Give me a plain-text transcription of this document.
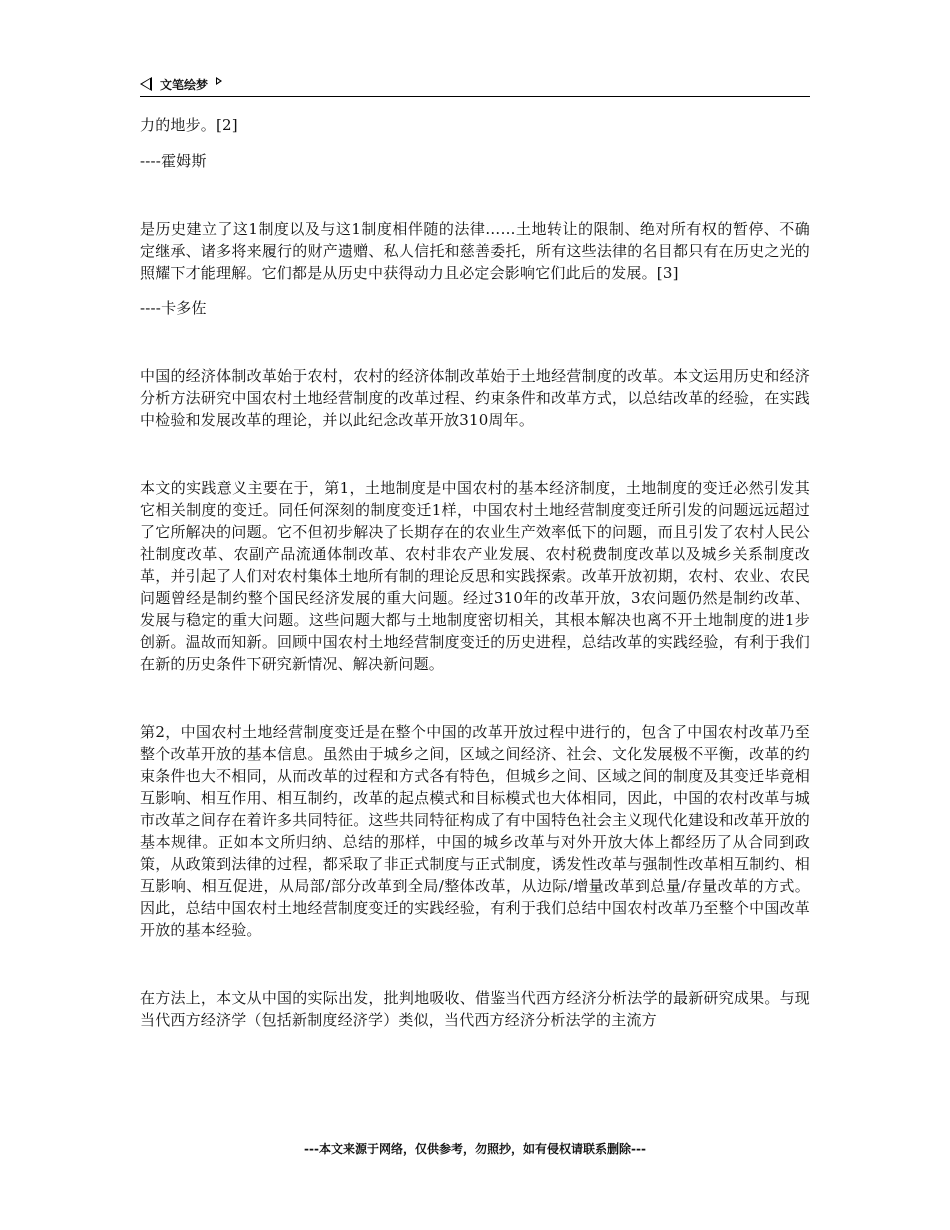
文笔绘梦

力的地步。[2]

----霍姆斯

是历史建立了这1制度以及与这1制度相伴随的法律……土地转让的限制、绝对所有权的暂停、不确定继承、诸多将来履行的财产遗赠、私人信托和慈善委托，所有这些法律的名目都只有在历史之光的照耀下才能理解。它们都是从历史中获得动力且必定会影响它们此后的发展。[3]

----卡多佐

中国的经济体制改革始于农村，农村的经济体制改革始于土地经营制度的改革。本文运用历史和经济分析方法研究中国农村土地经营制度的改革过程、约束条件和改革方式，以总结改革的经验，在实践中检验和发展改革的理论，并以此纪念改革开放310周年。

本文的实践意义主要在于，第1，土地制度是中国农村的基本经济制度，土地制度的变迁必然引发其它相关制度的变迁。同任何深刻的制度变迁1样，中国农村土地经营制度变迁所引发的问题远远超过了它所解决的问题。它不但初步解决了长期存在的农业生产效率低下的问题，而且引发了农村人民公社制度改革、农副产品流通体制改革、农村非农产业发展、农村税费制度改革以及城乡关系制度改革，并引起了人们对农村集体土地所有制的理论反思和实践探索。改革开放初期，农村、农业、农民问题曾经是制约整个国民经济发展的重大问题。经过310年的改革开放，3农问题仍然是制约改革、发展与稳定的重大问题。这些问题大都与土地制度密切相关，其根本解决也离不开土地制度的进1步创新。温故而知新。回顾中国农村土地经营制度变迁的历史进程，总结改革的实践经验，有利于我们在新的历史条件下研究新情况、解决新问题。

第2，中国农村土地经营制度变迁是在整个中国的改革开放过程中进行的，包含了中国农村改革乃至整个改革开放的基本信息。虽然由于城乡之间，区域之间经济、社会、文化发展极不平衡，改革的约束条件也大不相同，从而改革的过程和方式各有特色，但城乡之间、区域之间的制度及其变迁毕竟相互影响、相互作用、相互制约，改革的起点模式和目标模式也大体相同，因此，中国的农村改革与城市改革之间存在着许多共同特征。这些共同特征构成了有中国特色社会主义现代化建设和改革开放的基本规律。正如本文所归纳、总结的那样，中国的城乡改革与对外开放大体上都经历了从合同到政策，从政策到法律的过程，都采取了非正式制度与正式制度，诱发性改革与强制性改革相互制约、相互影响、相互促进，从局部/部分改革到全局/整体改革，从边际/增量改革到总量/存量改革的方式。因此，总结中国农村土地经营制度变迁的实践经验，有利于我们总结中国农村改革乃至整个中国改革开放的基本经验。

在方法上，本文从中国的实际出发，批判地吸收、借鉴当代西方经济分析法学的最新研究成果。与现当代西方经济学（包括新制度经济学）类似，当代西方经济分析法学的主流方

---本文来源于网络，仅供参考，勿照抄，如有侵权请联系删除---
